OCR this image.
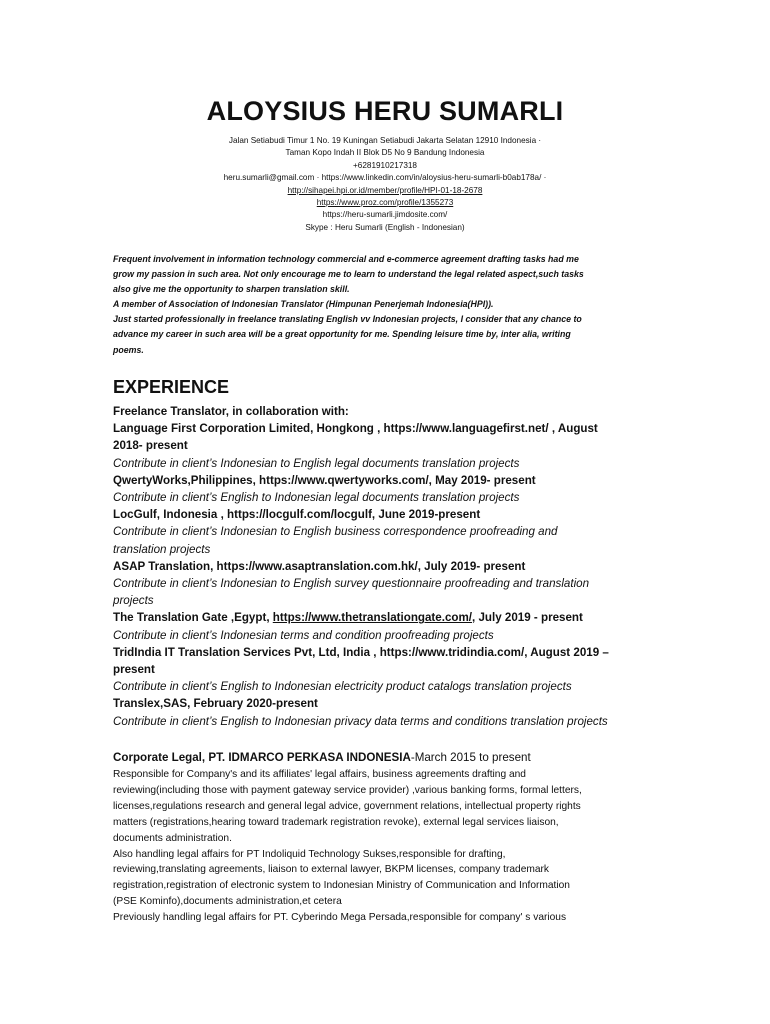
ALOYSIUS HERU SUMARLI
Jalan Setiabudi Timur 1 No. 19 Kuningan Setiabudi Jakarta Selatan 12910 Indonesia ·
Taman Kopo Indah II Blok D5 No 9 Bandung Indonesia
+6281910217318
heru.sumarli@gmail.com · https://www.linkedin.com/in/aloysius-heru-sumarli-b0ab178a/ ·
http://sihapei.hpi.or.id/member/profile/HPI-01-18-2678
https://www.proz.com/profile/1355273
https://heru-sumarli.jimdosite.com/
Skype : Heru Sumarli (English - Indonesian)
Frequent involvement in information technology commercial and e-commerce agreement drafting tasks had me
grow my passion in such area. Not only encourage me to learn to understand the legal related aspect,such tasks
also give me the opportunity to sharpen translation skill.
A member of Association of Indonesian Translator (Himpunan Penerjemah Indonesia(HPI)).
Just started professionally in freelance translating English vv Indonesian projects, I consider that any chance to
advance my career in such area will be a great opportunity for me. Spending leisure time by, inter alia, writing
poems.
EXPERIENCE
Freelance Translator, in collaboration with:
Language First Corporation Limited, Hongkong , https://www.languagefirst.net/ , August
2018- present
Contribute in client’s Indonesian to English legal documents translation projects
QwertyWorks,Philippines, https://www.qwertyworks.com/, May 2019- present
Contribute in client’s English to Indonesian legal documents translation projects
LocGulf, Indonesia , https://locgulf.com/locgulf, June 2019-present
Contribute in client’s Indonesian to English business correspondence proofreading and
translation projects
ASAP Translation, https://www.asaptranslation.com.hk/, July 2019- present
Contribute in client’s Indonesian to English survey questionnaire proofreading and translation
projects
The Translation Gate ,Egypt, https://www.thetranslationgate.com/, July 2019 - present
Contribute in client’s Indonesian terms and condition proofreading projects
TridIndia IT Translation Services Pvt, Ltd, India , https://www.tridindia.com/, August 2019 –
present
Contribute in client’s English to Indonesian electricity product catalogs translation projects
Translex,SAS, February 2020-present
Contribute in client’s English to Indonesian privacy data terms and conditions translation projects
Corporate Legal, PT. IDMARCO PERKASA INDONESIA-March 2015 to present
Responsible for Company's and its affiliates' legal affairs, business agreements drafting and
reviewing(including those with payment gateway service provider) ,various banking forms, formal letters,
licenses,regulations research and general legal advice, government relations, intellectual property rights
matters (registrations,hearing toward trademark registration revoke), external legal services liaison,
documents administration.
Also handling legal affairs for PT Indoliquid Technology Sukses,responsible for drafting,
reviewing,translating agreements, liaison to external lawyer, BKPM licenses, company trademark
registration,registration of electronic system to Indonesian Ministry of Communication and Information
(PSE Kominfo),documents administration,et cetera
Previously handling legal affairs for PT. Cyberindo Mega Persada,responsible for company' s various
